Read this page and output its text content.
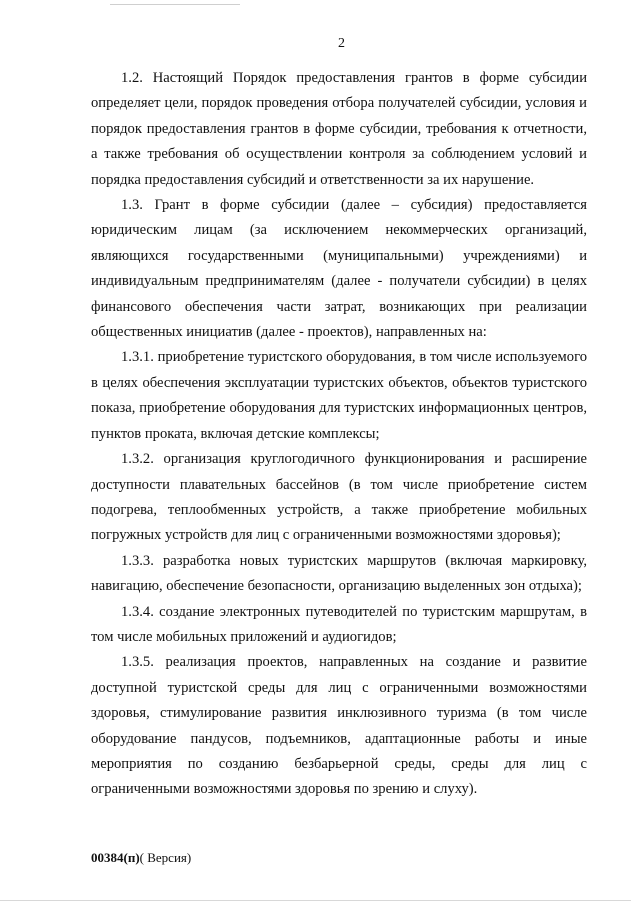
2

1.2. Настоящий Порядок предоставления грантов в форме субсидии определяет цели, порядок проведения отбора получателей субсидии, условия и порядок предоставления грантов в форме субсидии, требования к отчетности, а также требования об осуществлении контроля за соблюдением условий и порядка предоставления субсидий и ответственности за их нарушение.

1.3. Грант в форме субсидии (далее – субсидия) предоставляется юридическим лицам (за исключением некоммерческих организаций, являющихся государственными (муниципальными) учреждениями) и индивидуальным предпринимателям (далее - получатели субсидии) в целях финансового обеспечения части затрат, возникающих при реализации общественных инициатив (далее - проектов), направленных на:

1.3.1. приобретение туристского оборудования, в том числе используемого в целях обеспечения эксплуатации туристских объектов, объектов туристского показа, приобретение оборудования для туристских информационных центров, пунктов проката, включая детские комплексы;

1.3.2. организация круглогодичного функционирования и расширение доступности плавательных бассейнов (в том числе приобретение систем подогрева, теплообменных устройств, а также приобретение мобильных погружных устройств для лиц с ограниченными возможностями здоровья);

1.3.3. разработка новых туристских маршрутов (включая маркировку, навигацию, обеспечение безопасности, организацию выделенных зон отдыха);

1.3.4. создание электронных путеводителей по туристским маршрутам, в том числе мобильных приложений и аудиогидов;

1.3.5. реализация проектов, направленных на создание и развитие доступной туристской среды для лиц с ограниченными возможностями здоровья, стимулирование развития инклюзивного туризма (в том числе оборудование пандусов, подъемников, адаптационные работы и иные мероприятия по созданию безбарьерной среды, среды для лиц с ограниченными возможностями здоровья по зрению и слуху).

00384(п)( Версия)
